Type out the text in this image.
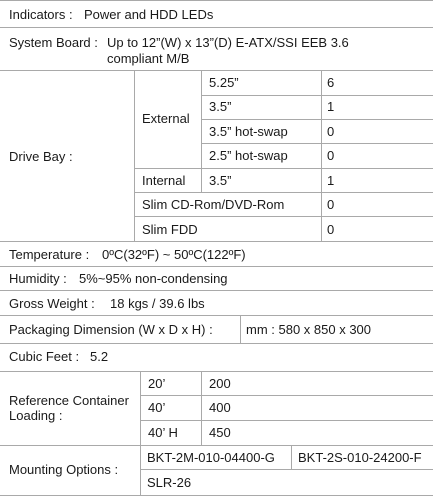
Indicators : Power and HDD LEDs
System Board : Up to 12”(W) x 13”(D) E-ATX/SSI EEB 3.6
compliant M/B
Drive Bay :
External
5.25”	6
3.5”	1
3.5” hot-swap	0
2.5” hot-swap	0
Internal 3.5”	1
Slim CD-Rom/DVD-Rom	0
Slim FDD	0
Temperature : 0ºC(32ºF) ~ 50ºC(122ºF)
Humidity : 5%~95% non-condensing
Gross Weight : 18 kgs / 39.6 lbs
Packaging Dimension (W x D x H) :	mm : 580 x 850 x 300
Cubic Feet : 5.2
Reference Container
Loading :
20’	200
40’	400
40’ H 450
Mounting Options :
BKT-2M-010-04400-G BKT-2S-010-24200-F
SLR-26
